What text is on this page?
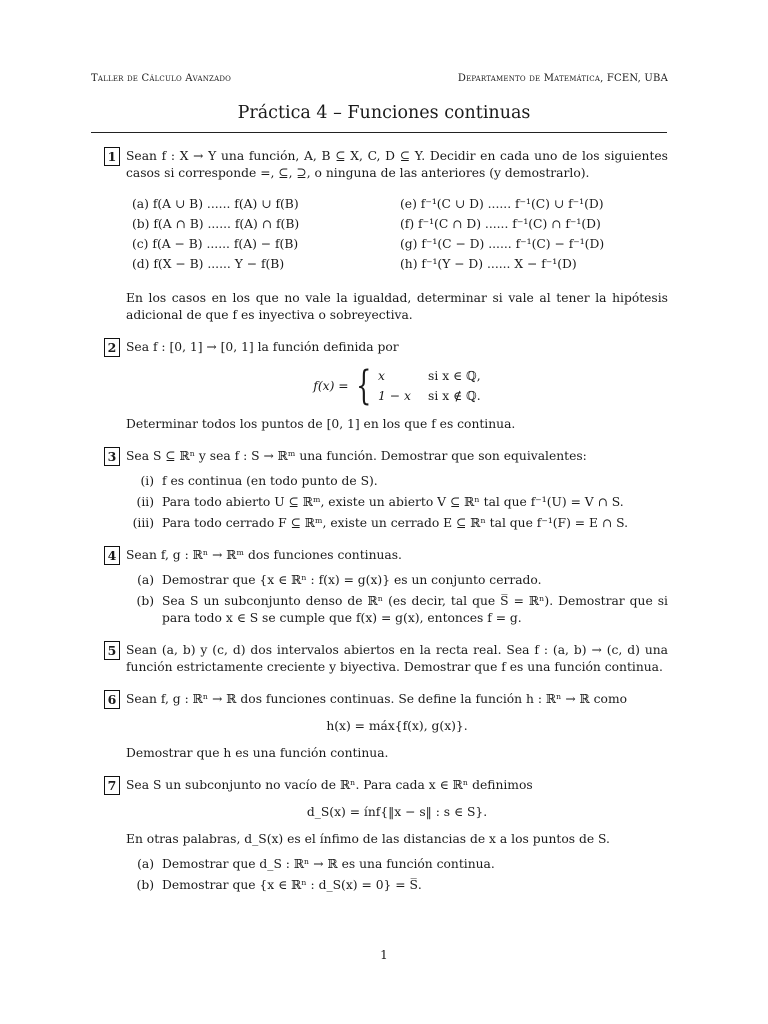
Taller de Cálculo Avanzado	Departamento de Matemática, FCEN, UBA
Práctica 4 – Funciones continuas
1 Sean f : X → Y una función, A, B ⊆ X, C, D ⊆ Y. Decidir en cada uno de los siguientes casos si corresponde =, ⊆, ⊇, o ninguna de las anteriores (y demostrarlo).
(a) f(A ∪ B) ...... f(A) ∪ f(B)
(b) f(A ∩ B) ...... f(A) ∩ f(B)
(c) f(A − B) ...... f(A) − f(B)
(d) f(X − B) ...... Y − f(B)
(e) f⁻¹(C ∪ D) ...... f⁻¹(C) ∪ f⁻¹(D)
(f) f⁻¹(C ∩ D) ...... f⁻¹(C) ∩ f⁻¹(D)
(g) f⁻¹(C − D) ...... f⁻¹(C) − f⁻¹(D)
(h) f⁻¹(Y − D) ...... X − f⁻¹(D)
En los casos en los que no vale la igualdad, determinar si vale al tener la hipótesis adicional de que f es inyectiva o sobreyectiva.
2 Sea f : [0, 1] → [0, 1] la función definida por
f(x) = { x	si x ∈ ℚ,
1 − x si x ∉ ℚ.
Determinar todos los puntos de [0, 1] en los que f es continua.
3 Sea S ⊆ ℝⁿ y sea f : S → ℝᵐ una función. Demostrar que son equivalentes:
(i) f es continua (en todo punto de S).
(ii) Para todo abierto U ⊆ ℝᵐ, existe un abierto V ⊆ ℝⁿ tal que f⁻¹(U) = V ∩ S.
(iii) Para todo cerrado F ⊆ ℝᵐ, existe un cerrado E ⊆ ℝⁿ tal que f⁻¹(F) = E ∩ S.
4 Sean f, g : ℝⁿ → ℝᵐ dos funciones continuas.
(a) Demostrar que {x ∈ ℝⁿ : f(x) = g(x)} es un conjunto cerrado.
(b) Sea S un subconjunto denso de ℝⁿ (es decir, tal que S̅ = ℝⁿ). Demostrar que si para todo x ∈ S se cumple que f(x) = g(x), entonces f = g.
5 Sean (a, b) y (c, d) dos intervalos abiertos en la recta real. Sea f : (a, b) → (c, d) una función estrictamente creciente y biyectiva. Demostrar que f es una función continua.
6 Sean f, g : ℝⁿ → ℝ dos funciones continuas. Se define la función h : ℝⁿ → ℝ como
h(x) = máx{f(x), g(x)}.
Demostrar que h es una función continua.
7 Sea S un subconjunto no vacío de ℝⁿ. Para cada x ∈ ℝⁿ definimos
d_S(x) = ínf{‖x − s‖ : s ∈ S}.
En otras palabras, d_S(x) es el ínfimo de las distancias de x a los puntos de S.
(a) Demostrar que d_S : ℝⁿ → ℝ es una función continua.
(b) Demostrar que {x ∈ ℝⁿ : d_S(x) = 0} = S̅.
1
